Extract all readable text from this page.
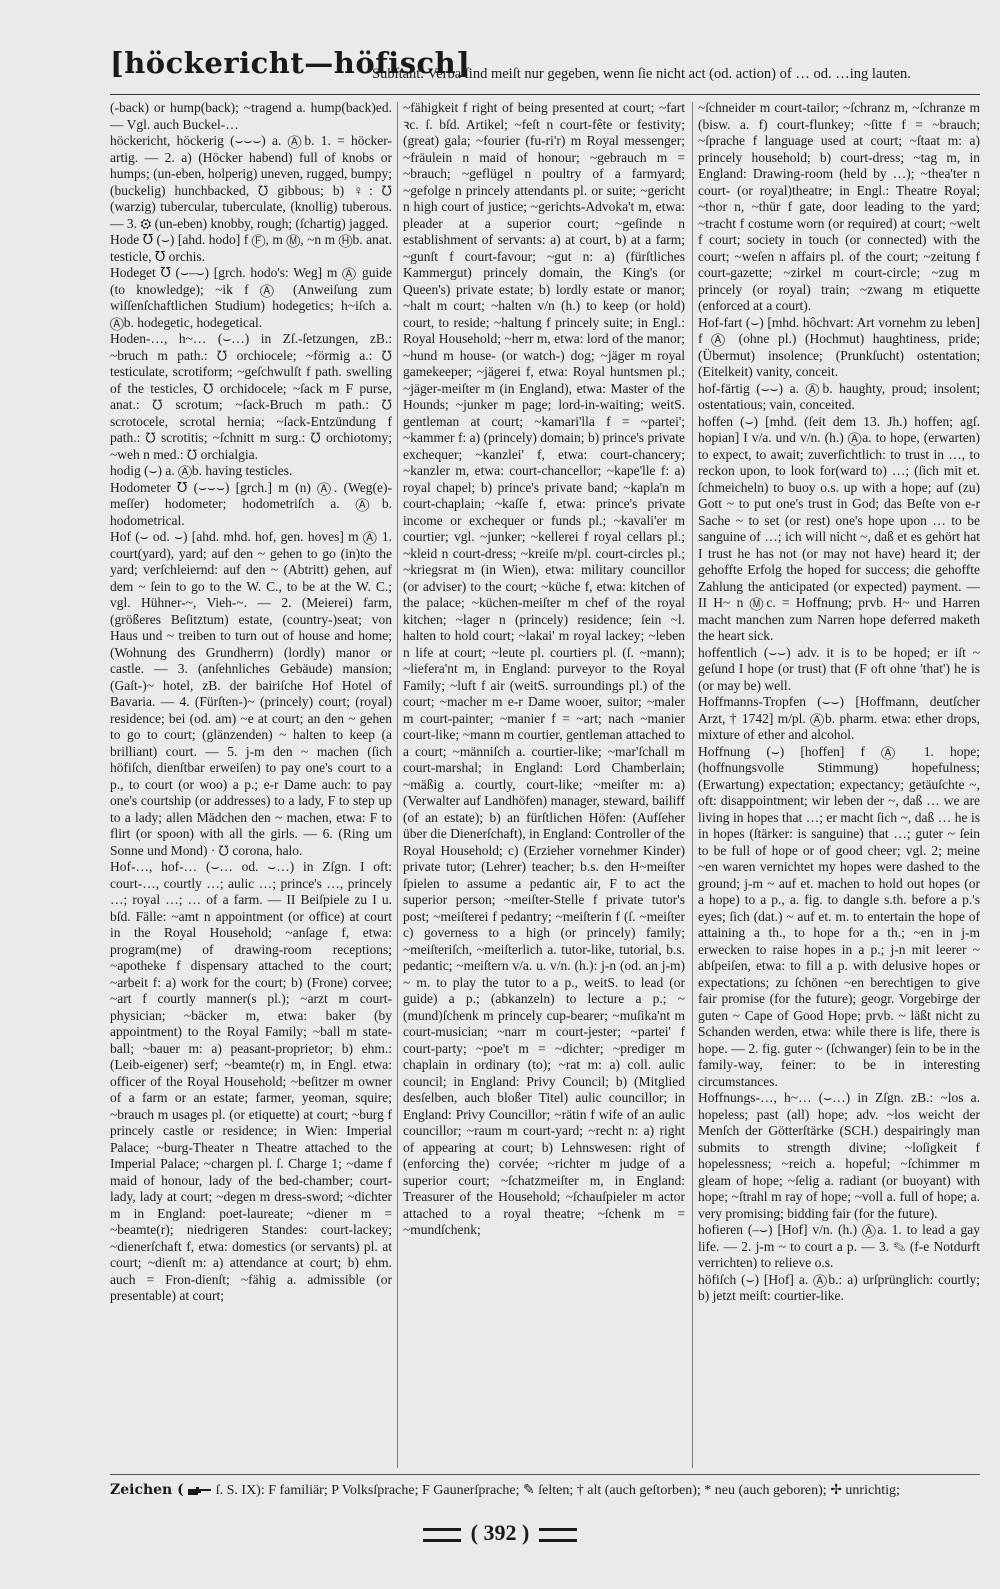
[höckericht—höfisch]
Subſtant. Verba ſind meiſt nur gegeben, wenn ſie nicht act (od. action) of … od. …ing lauten.

(-back) or hump(back); ~tragend a. hump(back)ed. — Vgl. auch Buckel-…

höckericht, höckerig (⌣⌣⌣) a. Ⓐb. 1. = höcker-artig. — 2. a) (Höcker habend) full of knobs or humps; (un-eben, holperig) uneven, rugged, bumpy; (buckelig) hunchbacked, ℧ gibbous; b) ♀: ℧ (warzig) tubercular, tuberculate, (knollig) tuberous. — 3. ⚙ (un-eben) knobby, rough; (ſchartig) jagged.

Hode ℧ (⌣) [ahd. hodo] f Ⓕ, m Ⓜ, ~n m Ⓗb. anat. testicle, ℧ orchis.

Hodeget ℧ (⌣–⌣) [grch. hodo's: Weg] m Ⓐ guide (to knowledge); ~ik f Ⓐ (Anweiſung zum wiſſenſchaftlichen Studium) hodegetics; h~iſch a. Ⓐb. hodegetic, hodegetical.

Hoden-…, h~… (⌣…) in Zſ.-ſetzungen, zB.: ~bruch m path.: ℧ orchiocele; ~förmig a.: ℧ testiculate, scrotiform; ~geſchwulſt f path. swelling of the testicles, ℧ orchidocele; ~ſack m F purse, anat.: ℧ scrotum; ~ſack-Bruch m path.: ℧ scrotocele, scrotal hernia; ~ſack-Entzündung f path.: ℧ scrotitis; ~ſchnitt m surg.: ℧ orchiotomy; ~weh n med.: ℧ orchialgia.

hodig (⌣) a. Ⓐb. having testicles.

Hodometer ℧ (⌣⌣⌣) [grch.] m (n) Ⓐ. (Weg(e)-meſſer) hodometer; hodometriſch a. Ⓐb. hodometrical.

Hof (⌣ od. ⌣) [ahd. mhd. hof, gen. hoves] m Ⓐ 1. court(yard), yard; auf den ~ gehen to go (in)to the yard; verſchleiernd: auf den ~ (Abtritt) gehen, auf dem ~ ſein to go to the W. C., to be at the W. C.; vgl. Hühner-~, Vieh-~. — 2. (Meierei) farm, (größeres Beſitztum) estate, (country-)seat; von Haus und ~ treiben to turn out of house and home; (Wohnung des Grundherrn) (lordly) manor or castle. — 3. (anſehnliches Gebäude) mansion; (Gaſt-)~ hotel, zB. der bairiſche Hof Hotel of Bavaria. — 4. (Fürſten-)~ (princely) court; (royal) residence; bei (od. am) ~e at court; an den ~ gehen to go to court; (glänzenden) ~ halten to keep (a brilliant) court. — 5. j-m den ~ machen (ſich höfiſch, dienſtbar erweiſen) to pay one's court to a p., to court (or woo) a p.; e-r Dame auch: to pay one's courtship (or addresses) to a lady, F to step up to a lady; allen Mädchen den ~ machen, etwa: F to flirt (or spoon) with all the girls. — 6. (Ring um Sonne und Mond) · ℧ corona, halo.

Hof-…, hof-… (⌣… od. ⌣…) in Zſgn. I oft: court-…, courtly …; aulic …; prince's …, princely …; royal …; … of a farm. — II Beiſpiele zu I u. bſd. Fälle: ~amt n appointment (or office) at court in the Royal Household; ~anſage f, etwa: program(me) of drawing-room receptions; ~apotheke f dispensary attached to the court; ~arbeit f: a) work for the court; b) (Frone) corvee; ~art f courtly manner(s pl.); ~arzt m court-physician; ~bäcker m, etwa: baker (by appointment) to the Royal Family; ~ball m state-ball; ~bauer m: a) peasant-proprietor; b) ehm.: (Leib-eigener) serf; ~beamte(r) m, in Engl. etwa: officer of the Royal Household; ~beſitzer m owner of a farm or an estate; farmer, yeoman, squire; ~brauch m usages pl. (or etiquette) at court; ~burg f princely castle or residence; in Wien: Imperial Palace; ~burg-Theater n Theatre attached to the Imperial Palace; ~chargen pl. ſ. Charge 1; ~dame f maid of honour, lady of the bed-chamber; court-lady, lady at court; ~degen m dress-sword; ~dichter m in England: poet-laureate; ~diener m = ~beamte(r); niedrigeren Standes: court-lackey; ~dienerſchaft f, etwa: domestics (or servants) pl. at court; ~dienſt m: a) attendance at court; b) ehm. auch = Fron-dienſt; ~fähig a. admissible (or presentable) at court;

~fähigkeit f right of being presented at court; ~fart ꝛc. ſ. bſd. Artikel; ~feſt n court-fête or festivity; (great) gala; ~fourier (fu-ri'r) m Royal messenger; ~fräulein n maid of honour; ~gebrauch m = ~brauch; ~geflügel n poultry of a farmyard; ~gefolge n princely attendants pl. or suite; ~gericht n high court of justice; ~gerichts-Advoka't m, etwa: pleader at a superior court; ~geſinde n establishment of servants: a) at court, b) at a farm; ~gunſt f court-favour; ~gut n: a) (fürſtliches Kammergut) princely domain, the King's (or Queen's) private estate; b) lordly estate or manor; ~halt m court; ~halten v/n (h.) to keep (or hold) court, to reside; ~haltung f princely suite; in Engl.: Royal Household; ~herr m, etwa: lord of the manor; ~hund m house- (or watch-) dog; ~jäger m royal gamekeeper; ~jägerei f, etwa: Royal huntsmen pl.; ~jäger-meiſter m (in England), etwa: Master of the Hounds; ~junker m page; lord-in-waiting; weitS. gentleman at court; ~kamari'lla f = ~partei'; ~kammer f: a) (princely) domain; b) prince's private exchequer; ~kanzlei' f, etwa: court-chancery; ~kanzler m, etwa: court-chancellor; ~kape'lle f: a) royal chapel; b) prince's private band; ~kapla'n m court-chaplain; ~kaſſe f, etwa: prince's private income or exchequer or funds pl.; ~kavali'er m courtier; vgl. ~junker; ~kellerei f royal cellars pl.; ~kleid n court-dress; ~kreiſe m/pl. court-circles pl.; ~kriegsrat m (in Wien), etwa: military councillor (or adviser) to the court; ~küche f, etwa: kitchen of the palace; ~küchen-meiſter m chef of the royal kitchen; ~lager n (princely) residence; ſein ~l. halten to hold court; ~lakai' m royal lackey; ~leben n life at court; ~leute pl. courtiers pl. (ſ. ~mann); ~liefera'nt m, in England: purveyor to the Royal Family; ~luft f air (weitS. surroundings pl.) of the court; ~macher m e-r Dame wooer, suitor; ~maler m court-painter; ~manier f = ~art; nach ~manier court-like; ~mann m courtier, gentleman attached to a court; ~männiſch a. courtier-like; ~mar'ſchall m court-marshal; in England: Lord Chamberlain; ~mäßig a. courtly, court-like; ~meiſter m: a) (Verwalter auf Landhöfen) manager, steward, bailiff (of an estate); b) an fürſtlichen Höfen: (Aufſeher über die Dienerſchaft), in England: Controller of the Royal Household; c) (Erzieher vornehmer Kinder) private tutor; (Lehrer) teacher; b.s. den H~meiſter ſpielen to assume a pedantic air, F to act the superior person; ~meiſter-Stelle f private tutor's post; ~meiſterei f pedantry; ~meiſterin f (ſ. ~meiſter c) governess to a high (or princely) family; ~meiſteriſch, ~meiſterlich a. tutor-like, tutorial, b.s. pedantic; ~meiſtern v/a. u. v/n. (h.): j-n (od. an j-m) ~ m. to play the tutor to a p., weitS. to lead (or guide) a p.; (abkanzeln) to lecture a p.; ~(mund)ſchenk m princely cup-bearer; ~muſika'nt m court-musician; ~narr m court-jester; ~partei' f court-party; ~poe't m = ~dichter; ~prediger m chaplain in ordinary (to); ~rat m: a) coll. aulic council; in England: Privy Council; b) (Mitglied desſelben, auch bloßer Titel) aulic councillor; in England: Privy Councillor; ~rätin f wife of an aulic councillor; ~raum m court-yard; ~recht n: a) right of appearing at court; b) Lehnswesen: right of (enforcing the) corvée; ~richter m judge of a superior court; ~ſchatzmeiſter m, in England: Treasurer of the Household; ~ſchauſpieler m actor attached to a royal theatre; ~ſchenk m = ~mundſchenk;

~ſchneider m court-tailor; ~ſchranz m, ~ſchranze m (bisw. a. f) court-flunkey; ~ſitte f = ~brauch; ~ſprache f language used at court; ~ſtaat m: a) princely household; b) court-dress; ~tag m, in England: Drawing-room (held by …); ~thea'ter n court- (or royal)theatre; in Engl.: Theatre Royal; ~thor n, ~thür f gate, door leading to the yard; ~tracht f costume worn (or required) at court; ~welt f court; society in touch (or connected) with the court; ~weſen n affairs pl. of the court; ~zeitung f court-gazette; ~zirkel m court-circle; ~zug m princely (or royal) train; ~zwang m etiquette (enforced at a court).

Hof-fart (⌣) [mhd. hôchvart: Art vornehm zu leben] f Ⓐ (ohne pl.) (Hochmut) haughtiness, pride; (Übermut) insolence; (Prunkſucht) ostentation; (Eitelkeit) vanity, conceit.

hof-färtig (⌣⌣) a. Ⓐb. haughty, proud; insolent; ostentatious; vain, conceited.

hoffen (⌣) [mhd. (ſeit dem 13. Jh.) hoffen; agſ. hopian] I v/a. und v/n. (h.) Ⓐa. to hope, (erwarten) to expect, to await; zuverſichtlich: to trust in …, to reckon upon, to look for(ward to) …; (ſich mit et. ſchmeicheln) to buoy o.s. up with a hope; auf (zu) Gott ~ to put one's trust in God; das Beſte von e-r Sache ~ to set (or rest) one's hope upon … to be sanguine of …; ich will nicht ~, daß et es gehört hat I trust he has not (or may not have) heard it; der gehoffte Erfolg the hoped for success; die gehoffte Zahlung the anticipated (or expected) payment. — II H~ n Ⓜc. = Hoffnung; prvb. H~ und Harren macht manchen zum Narren hope deferred maketh the heart sick.

hoffentlich (⌣⌣) adv. it is to be hoped; er iſt ~ geſund I hope (or trust) that (F oft ohne 'that') he is (or may be) well.

Hoffmanns-Tropfen (⌣⌣) [Hoffmann, deutſcher Arzt, † 1742] m/pl. Ⓐb. pharm. etwa: ether drops, mixture of ether and alcohol.

Hoffnung (⌣) [hoffen] f Ⓐ 1. hope; (hoffnungsvolle Stimmung) hopefulness; (Erwartung) expectation; expectancy; getäuſchte ~, oft: disappointment; wir leben der ~, daß … we are living in hopes that …; er macht ſich ~, daß … he is in hopes (ſtärker: is sanguine) that …; guter ~ ſein to be full of hope or of good cheer; vgl. 2; meine ~en waren vernichtet my hopes were dashed to the ground; j-m ~ auf et. machen to hold out hopes (or a hope) to a p., a. fig. to dangle s.th. before a p.'s eyes; ſich (dat.) ~ auf et. m. to entertain the hope of attaining a th., to hope for a th.; ~en in j-m erwecken to raise hopes in a p.; j-n mit leerer ~ abſpeiſen, etwa: to fill a p. with delusive hopes or expectations; zu ſchönen ~en berechtigen to give fair promise (for the future); geogr. Vorgebirge der guten ~ Cape of Good Hope; prvb. ~ läßt nicht zu Schanden werden, etwa: while there is life, there is hope. — 2. fig. guter ~ (ſchwanger) ſein to be in the family-way, feiner: to be in interesting circumstances.

Hoffnungs-…, h~… (⌣…) in Zſgn. zB.: ~los a. hopeless; past (all) hope; adv. ~los weicht der Menſch der Götterſtärke (SCH.) despairingly man submits to strength divine; ~loſigkeit f hopelessness; ~reich a. hopeful; ~ſchimmer m gleam of hope; ~ſelig a. radiant (or buoyant) with hope; ~ſtrahl m ray of hope; ~voll a. full of hope; a. very promising; bidding fair (for the future).

hofieren (–⌣) [Hof] v/n. (h.) Ⓐa. 1. to lead a gay life. — 2. j-m ~ to court a p. — 3. ✎ (f-e Notdurft verrichten) to relieve o.s.

höfiſch (⌣) [Hof] a. Ⓐb.: a) urſprünglich: courtly; b) jetzt meiſt: courtier-like.

Zeichen ( ſ. S. IX): F familiär; P Volksſprache; F Gaunerſprache; ✎ ſelten; † alt (auch geſtorben); * neu (auch geboren); ✢ unrichtig;
( 392 )
